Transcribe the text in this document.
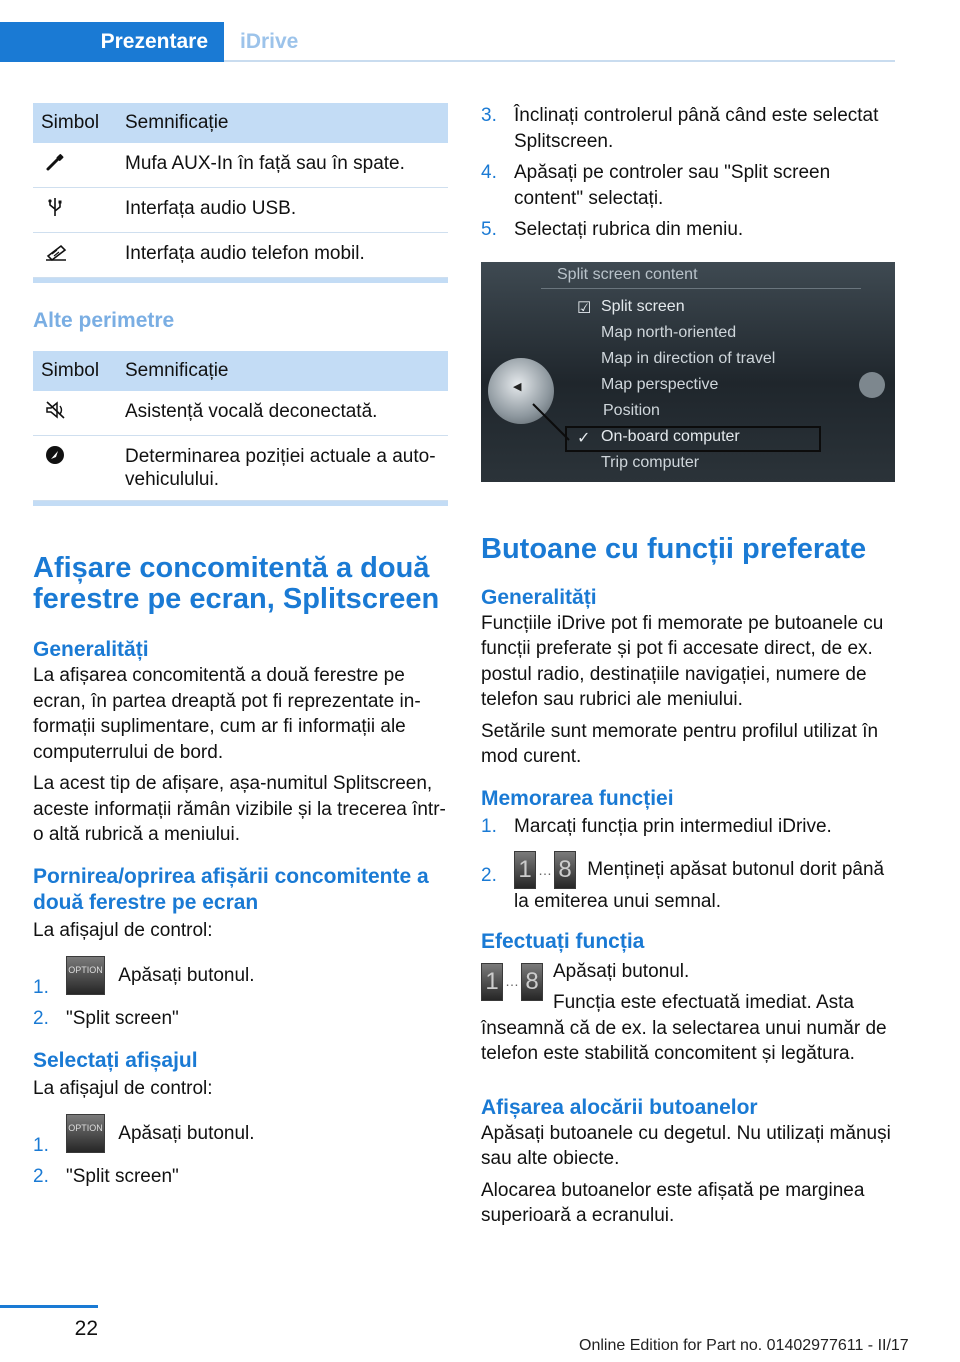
Prezentare	iDrive
Simbol	Semnificație
	Mufa AUX-In în față sau în spate.
	Interfața audio USB.
	Interfața audio telefon mobil.
Alte perimetre
Simbol	Semnificație
	Asistență vocală deconectată.
	Determinarea poziției actuale a autovehiculului.
Afișare concomitentă a două ferestre pe ecran, Splitscreen
Generalități

La afișarea concomitentă a două ferestre pe ecran, în partea dreaptă pot fi reprezentate informații suplimentare, cum ar fi informații ale computerrului de bord.

La acest tip de afișare, așa-numitul Splitscreen, aceste informații rămân vizibile și la trecerea într-o altă rubrică a meniului.

Pornirea/oprirea afișării concomitente a două ferestre pe ecran

La afișajul de control:

1.
OPTION Apăsați butonul.
2. "Split screen"
Selectați afișajul

La afișajul de control:

1.
OPTION Apăsați butonul.
2. "Split screen"
3. Înclinați controlerul până când este selectat Splitscreen.
4. Apăsați pe controler sau "Split screen content" selectați.
5. Selectați rubrica din meniu.
Split screen content
◀
☑ Split screen
Map north-oriented
Map in direction of travel
Map perspective
Position
✓ On-board computer
Trip computer
Butoane cu funcții preferate
Generalități

Funcțiile iDrive pot fi memorate pe butoanele cu funcții preferate și pot fi accesate direct, de ex. postul radio, destinațiile navigației, numere de telefon sau rubrici ale meniului.

Setările sunt memorate pentru profilul utilizat în mod curent.

Memorarea funcției
1. Marcați funcția prin intermediul iDrive.
2. 1 … 8 Mențineți apăsat butonul dorit până la emiterea unui semnal.
Efectuați funcția
1 … 8 Apăsați butonul.

Funcția este efectuată imediat. Asta înseamnă că de ex. la selectarea unui număr de telefon este stabilită concomitent și legătura.

Afișarea alocării butoanelor

Apăsați butoanele cu degetul. Nu utilizați mănuși sau alte obiecte.

Alocarea butoanelor este afișată pe marginea superioară a ecranului.

22
Online Edition for Part no. 01402977611 - II/17
